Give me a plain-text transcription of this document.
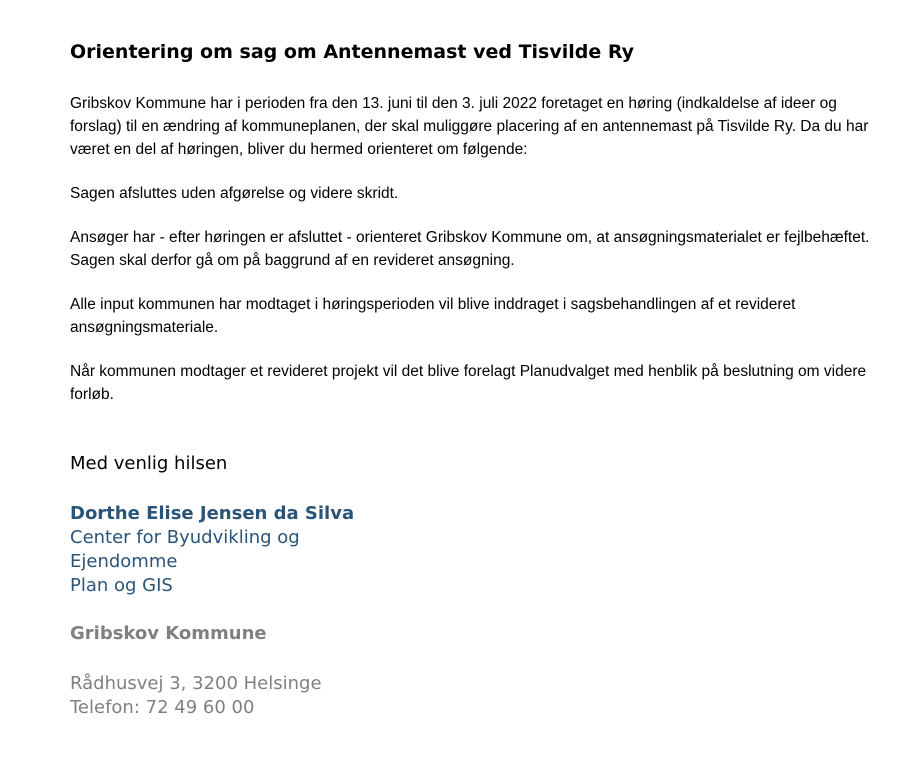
Orientering om sag om Antennemast ved Tisvilde Ry

Gribskov Kommune har i perioden fra den 13. juni til den 3. juli 2022 foretaget en høring (indkaldelse af ideer og forslag) til en ændring af kommuneplanen, der skal muliggøre placering af en antennemast på Tisvilde Ry. Da du har været en del af høringen, bliver du hermed orienteret om følgende:

Sagen afsluttes uden afgørelse og videre skridt.

Ansøger har - efter høringen er afsluttet - orienteret Gribskov Kommune om, at ansøgningsmaterialet er fejlbehæftet. Sagen skal derfor gå om på baggrund af en revideret ansøgning.

Alle input kommunen har modtaget i høringsperioden vil blive inddraget i sagsbehandlingen af et revideret ansøgningsmateriale.

Når kommunen modtager et revideret projekt vil det blive forelagt Planudvalget med henblik på beslutning om videre forløb.

Med venlig hilsen
Dorthe Elise Jensen da Silva
Center for Byudvikling og
Ejendomme
Plan og GIS
Gribskov Kommune
Rådhusvej 3, 3200 Helsinge
Telefon: 72 49 60 00
